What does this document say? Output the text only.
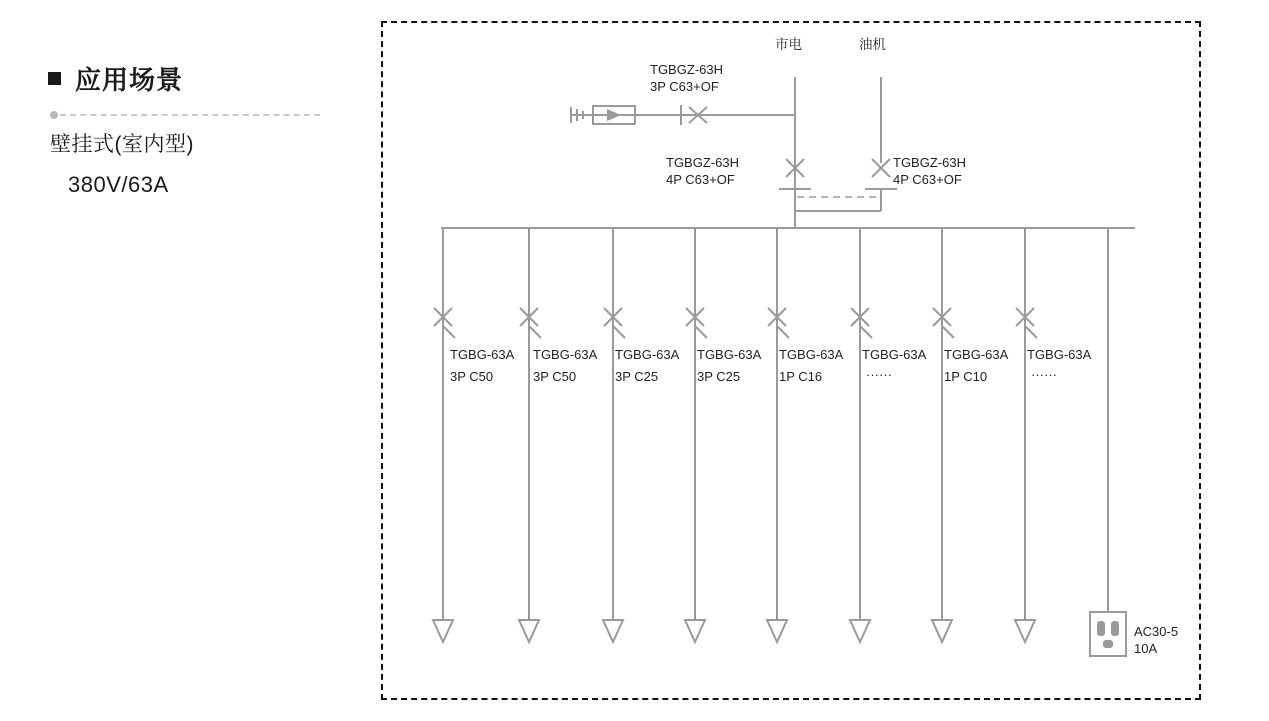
应用场景
壁挂式(室内型)
380V/63A
市电	油机
TGBGZ-63H
3P C63+OF
TGBGZ-63H
4P C63+OF
TGBGZ-63H
4P C63+OF
TGBG-63A
3P C50
TGBG-63A
3P C50
TGBG-63A
3P C25
TGBG-63A
3P C25
TGBG-63A
1P C16
TGBG-63A
······
TGBG-63A
1P C10
TGBG-63A
······
AC30-5
10A
